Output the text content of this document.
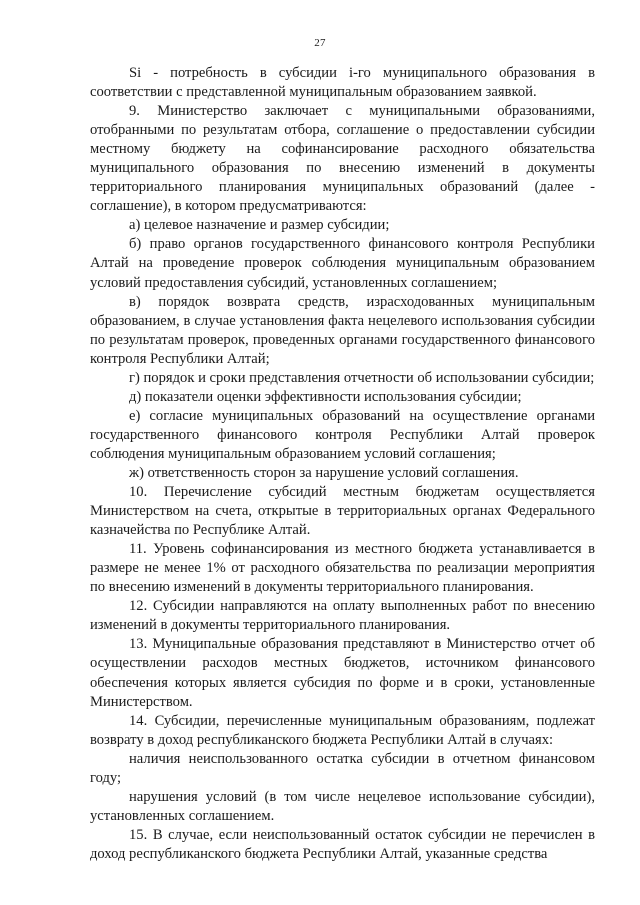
27

Si - потребность в субсидии i-го муниципального образования в соответствии с представленной муниципальным образованием заявкой.

9. Министерство заключает с муниципальными образованиями, отобранными по результатам отбора, соглашение о предоставлении субсидии местному бюджету на софинансирование расходного обязательства муниципального образования по внесению изменений в документы территориального планирования муниципальных образований (далее - соглашение), в котором предусматриваются:

а) целевое назначение и размер субсидии;

б) право органов государственного финансового контроля Республики Алтай на проведение проверок соблюдения муниципальным образованием условий предоставления субсидий, установленных соглашением;

в) порядок возврата средств, израсходованных муниципальным образованием, в случае установления факта нецелевого использования субсидии по результатам проверок, проведенных органами государственного финансового контроля Республики Алтай;

г) порядок и сроки представления отчетности об использовании субсидии;

д) показатели оценки эффективности использования субсидии;

е) согласие муниципальных образований на осуществление органами государственного финансового контроля Республики Алтай проверок соблюдения муниципальным образованием условий соглашения;

ж) ответственность сторон за нарушение условий соглашения.

10. Перечисление субсидий местным бюджетам осуществляется Министерством на счета, открытые в территориальных органах Федерального казначейства по Республике Алтай.

11. Уровень софинансирования из местного бюджета устанавливается в размере не менее 1% от расходного обязательства по реализации мероприятия по внесению изменений в документы территориального планирования.

12. Субсидии направляются на оплату выполненных работ по внесению изменений в документы территориального планирования.

13. Муниципальные образования представляют в Министерство отчет об осуществлении расходов местных бюджетов, источником финансового обеспечения которых является субсидия по форме и в сроки, установленные Министерством.

14. Субсидии, перечисленные муниципальным образованиям, подлежат возврату в доход республиканского бюджета Республики Алтай в случаях:

наличия неиспользованного остатка субсидии в отчетном финансовом году;

нарушения условий (в том числе нецелевое использование субсидии), установленных соглашением.

15. В случае, если неиспользованный остаток субсидии не перечислен в доход республиканского бюджета Республики Алтай, указанные средства
